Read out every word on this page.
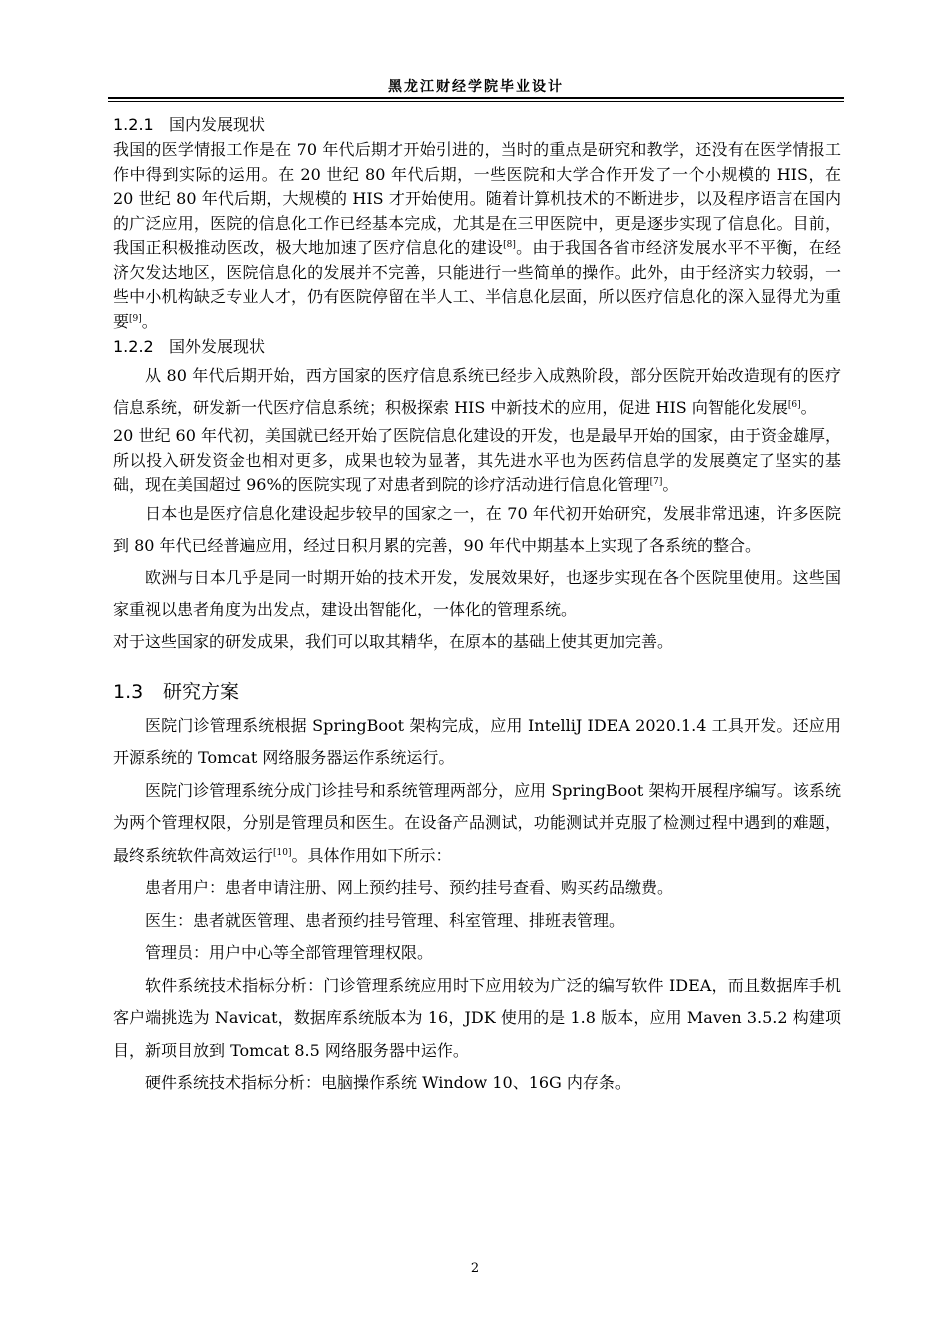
黑龙江财经学院毕业设计
1.2.1 国内发展现状

我国的医学情报工作是在 70 年代后期才开始引进的，当时的重点是研究和教学，还没有在医学情报工作中得到实际的运用。在 20 世纪 80 年代后期，一些医院和大学合作开发了一个小规模的 HIS，在 20 世纪 80 年代后期，大规模的 HIS 才开始使用。随着计算机技术的不断进步，以及程序语言在国内的广泛应用，医院的信息化工作已经基本完成，尤其是在三甲医院中，更是逐步实现了信息化。目前，我国正积极推动医改，极大地加速了医疗信息化的建设[8]。由于我国各省市经济发展水平不平衡，在经济欠发达地区，医院信息化的发展并不完善，只能进行一些简单的操作。此外，由于经济实力较弱，一些中小机构缺乏专业人才，仍有医院停留在半人工、半信息化层面，所以医疗信息化的深入显得尤为重要[9]。

1.2.2 国外发展现状

从 80 年代后期开始，西方国家的医疗信息系统已经步入成熟阶段，部分医院开始改造现有的医疗信息系统，研发新一代医疗信息系统；积极探索 HIS 中新技术的应用，促进 HIS 向智能化发展[6]。

20 世纪 60 年代初，美国就已经开始了医院信息化建设的开发，也是最早开始的国家，由于资金雄厚，所以投入研发资金也相对更多，成果也较为显著，其先进水平也为医药信息学的发展奠定了坚实的基础，现在美国超过 96%的医院实现了对患者到院的诊疗活动进行信息化管理[7]。

日本也是医疗信息化建设起步较早的国家之一，在 70 年代初开始研究，发展非常迅速，许多医院到 80 年代已经普遍应用，经过日积月累的完善，90 年代中期基本上实现了各系统的整合。

欧洲与日本几乎是同一时期开始的技术开发，发展效果好，也逐步实现在各个医院里使用。这些国家重视以患者角度为出发点，建设出智能化，一体化的管理系统。

对于这些国家的研发成果，我们可以取其精华，在原本的基础上使其更加完善。

1.3 研究方案

医院门诊管理系统根据 SpringBoot 架构完成，应用 IntelliJ IDEA 2020.1.4 工具开发。还应用开源系统的 Tomcat 网络服务器运作系统运行。

医院门诊管理系统分成门诊挂号和系统管理两部分，应用 SpringBoot 架构开展程序编写。该系统为两个管理权限，分别是管理员和医生。在设备产品测试，功能测试并克服了检测过程中遇到的难题，最终系统软件高效运行[10]。具体作用如下所示：

患者用户：患者申请注册、网上预约挂号、预约挂号查看、购买药品缴费。

医生：患者就医管理、患者预约挂号管理、科室管理、排班表管理。

管理员：用户中心等全部管理管理权限。

软件系统技术指标分析：门诊管理系统应用时下应用较为广泛的编写软件 IDEA，而且数据库手机客户端挑选为 Navicat，数据库系统版本为 16，JDK 使用的是 1.8 版本，应用 Maven 3.5.2 构建项目，新项目放到 Tomcat 8.5 网络服务器中运作。

硬件系统技术指标分析：电脑操作系统 Window 10、16G 内存条。

2
